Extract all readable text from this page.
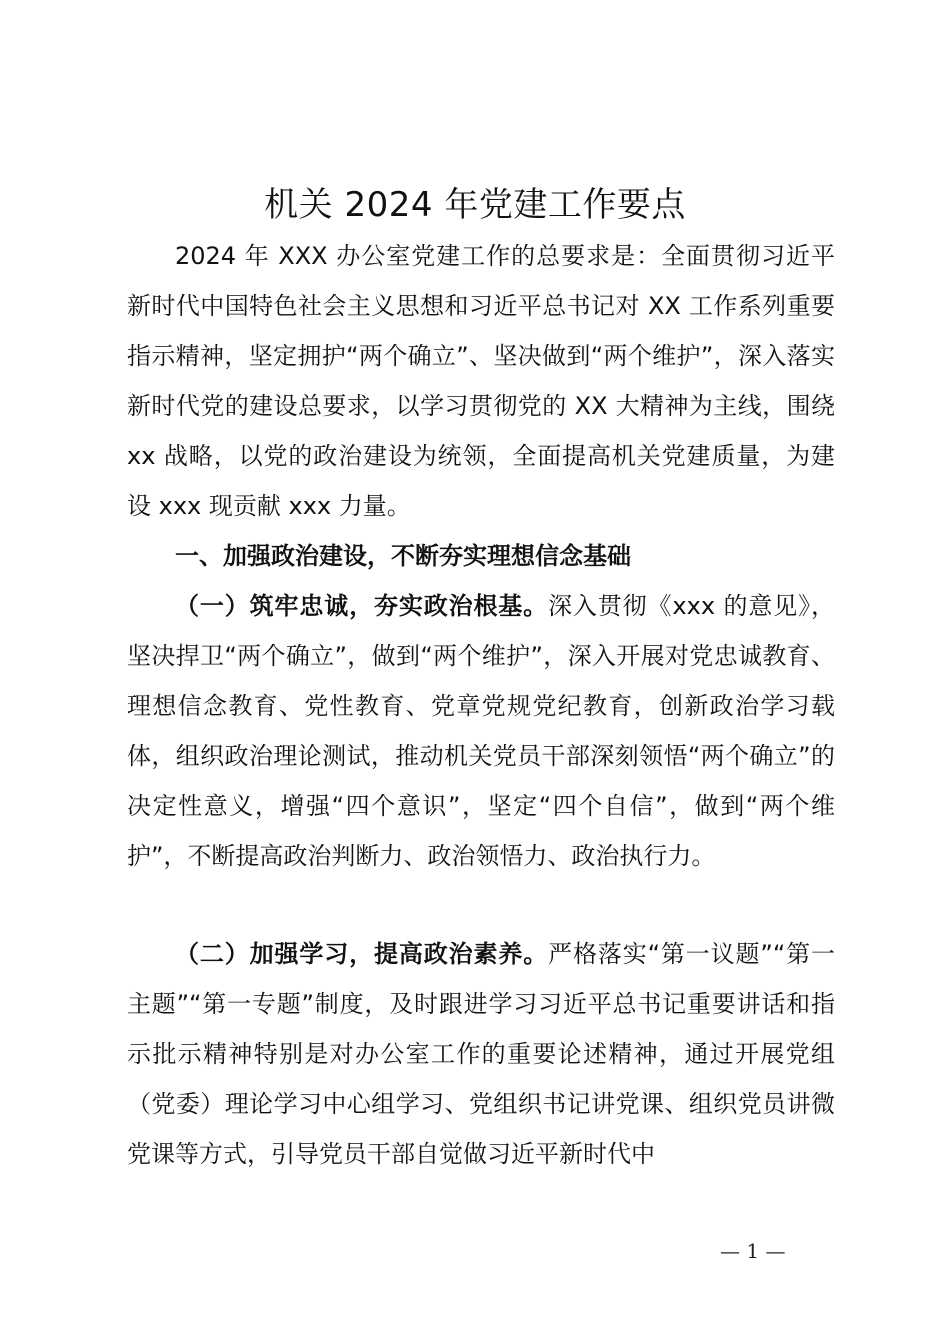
机关 2024 年党建工作要点

2024 年 XXX 办公室党建工作的总要求是：全面贯彻习近平新时代中国特色社会主义思想和习近平总书记对 XX 工作系列重要指示精神，坚定拥护“两个确立”、坚决做到“两个维护”，深入落实新时代党的建设总要求，以学习贯彻党的 XX 大精神为主线，围绕 xx 战略，以党的政治建设为统领，全面提高机关党建质量，为建设 xxx 现贡献 xxx 力量。

一、加强政治建设，不断夯实理想信念基础

（一）筑牢忠诚，夯实政治根基。深入贯彻《xxx 的意见》，坚决捍卫“两个确立”，做到“两个维护”，深入开展对党忠诚教育、理想信念教育、党性教育、党章党规党纪教育，创新政治学习载体，组织政治理论测试，推动机关党员干部深刻领悟“两个确立”的决定性意义，增强“四个意识”，坚定“四个自信”，做到“两个维护”，不断提高政治判断力、政治领悟力、政治执行力。

（二）加强学习，提高政治素养。严格落实“第一议题”“第一主题”“第一专题”制度，及时跟进学习习近平总书记重要讲话和指示批示精神特别是对办公室工作的重要论述精神，通过开展党组（党委）理论学习中心组学习、党组织书记讲党课、组织党员讲微党课等方式，引导党员干部自觉做习近平新时代中

— 1 —
